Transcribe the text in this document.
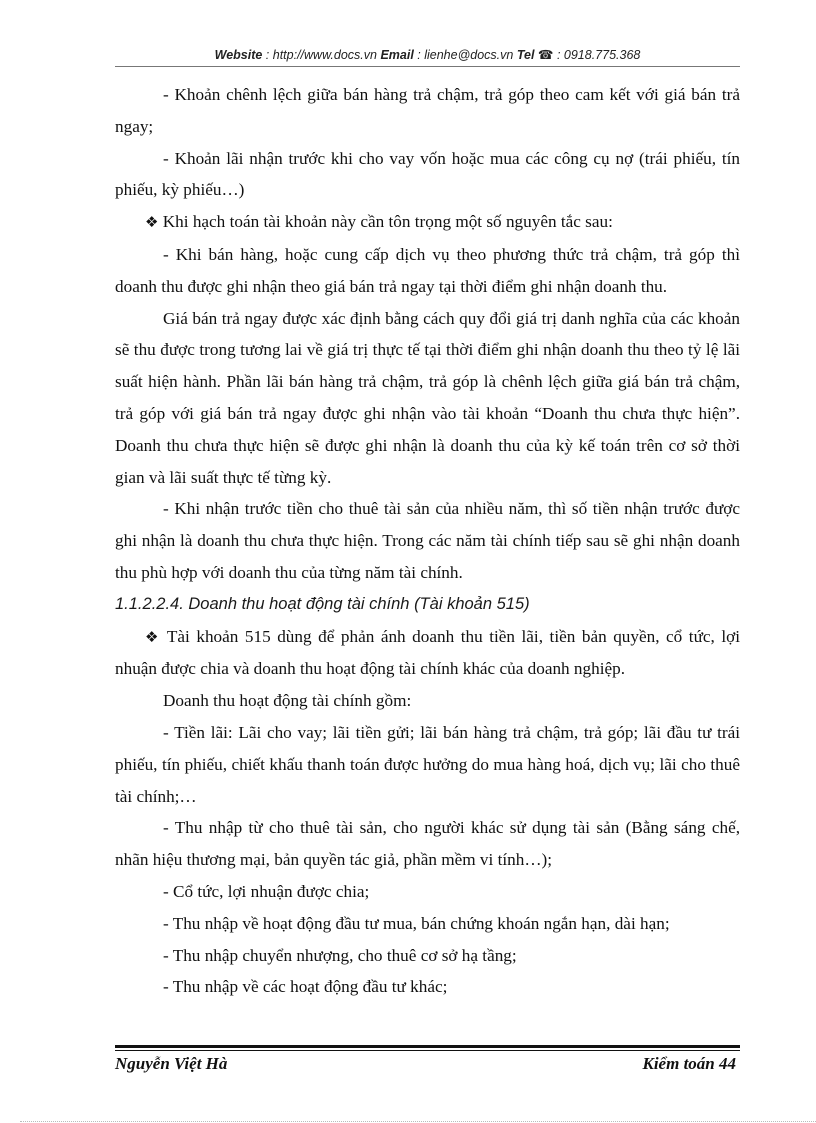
Website : http://www.docs.vn Email : lienhe@docs.vn Tel ☎ : 0918.775.368

- Khoản chênh lệch giữa bán hàng trả chậm, trả góp theo cam kết với giá bán trả ngay;

- Khoản lãi nhận trước khi cho vay vốn hoặc mua các công cụ nợ (trái phiếu, tín phiếu, kỳ phiếu…)

❖ Khi hạch toán tài khoản này cần tôn trọng một số nguyên tắc sau:

- Khi bán hàng, hoặc cung cấp dịch vụ theo phương thức trả chậm, trả góp thì doanh thu được ghi nhận theo giá bán trả ngay tại thời điểm ghi nhận doanh thu.

Giá bán trả ngay được xác định bằng cách quy đổi giá trị danh nghĩa của các khoản sẽ thu được trong tương lai về giá trị thực tế tại thời điểm ghi nhận doanh thu theo tỷ lệ lãi suất hiện hành. Phần lãi bán hàng trả chậm, trả góp là chênh lệch giữa giá bán trả chậm, trả góp với giá bán trả ngay được ghi nhận vào tài khoản “Doanh thu chưa thực hiện”. Doanh thu chưa thực hiện sẽ được ghi nhận là doanh thu của kỳ kế toán trên cơ sở thời gian và lãi suất thực tế từng kỳ.

- Khi nhận trước tiền cho thuê tài sản của nhiều năm, thì số tiền nhận trước được ghi nhận là doanh thu chưa thực hiện. Trong các năm tài chính tiếp sau sẽ ghi nhận doanh thu phù hợp với doanh thu của từng năm tài chính.

1.1.2.2.4. Doanh thu hoạt động tài chính (Tài khoản 515)

❖ Tài khoản 515 dùng để phản ánh doanh thu tiền lãi, tiền bản quyền, cổ tức, lợi nhuận được chia và doanh thu hoạt động tài chính khác của doanh nghiệp.

Doanh thu hoạt động tài chính gồm:

- Tiền lãi: Lãi cho vay; lãi tiền gửi; lãi bán hàng trả chậm, trả góp; lãi đầu tư trái phiếu, tín phiếu, chiết khấu thanh toán được hưởng do mua hàng hoá, dịch vụ; lãi cho thuê tài chính;…

- Thu nhập từ cho thuê tài sản, cho người khác sử dụng tài sản (Bằng sáng chế, nhãn hiệu thương mại, bản quyền tác giả, phần mềm vi tính…);

- Cổ tức, lợi nhuận được chia;

- Thu nhập về hoạt động đầu tư mua, bán chứng khoán ngắn hạn, dài hạn;

- Thu nhập chuyển nhượng, cho thuê cơ sở hạ tầng;

- Thu nhập về các hoạt động đầu tư khác;

Nguyễn Việt Hà	Kiểm toán 44
